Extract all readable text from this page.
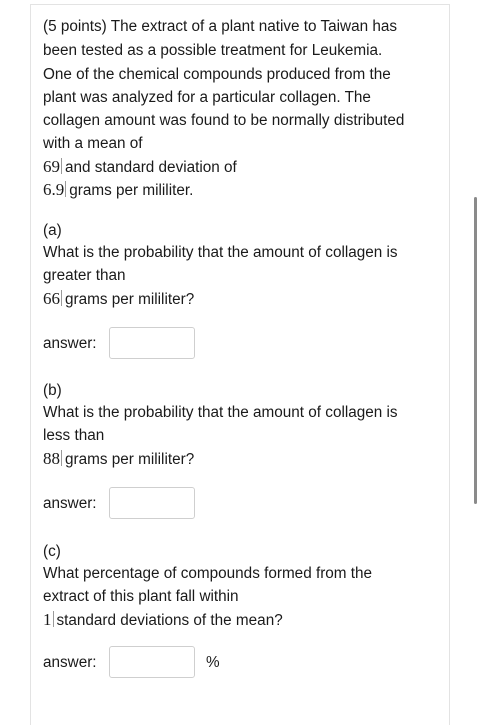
(5 points) The extract of a plant native to Taiwan has
been tested as a possible treatment for Leukemia.
One of the chemical compounds produced from the
plant was analyzed for a particular collagen. The
collagen amount was found to be normally distributed
with a mean of
69 and standard deviation of
6.9 grams per mililiter.
(a)
What is the probability that the amount of collagen is
greater than
66 grams per mililiter?
answer:
(b)
What is the probability that the amount of collagen is
less than
88 grams per mililiter?
answer:
(c)
What percentage of compounds formed from the
extract of this plant fall within
1 standard deviations of the mean?
answer:	%
